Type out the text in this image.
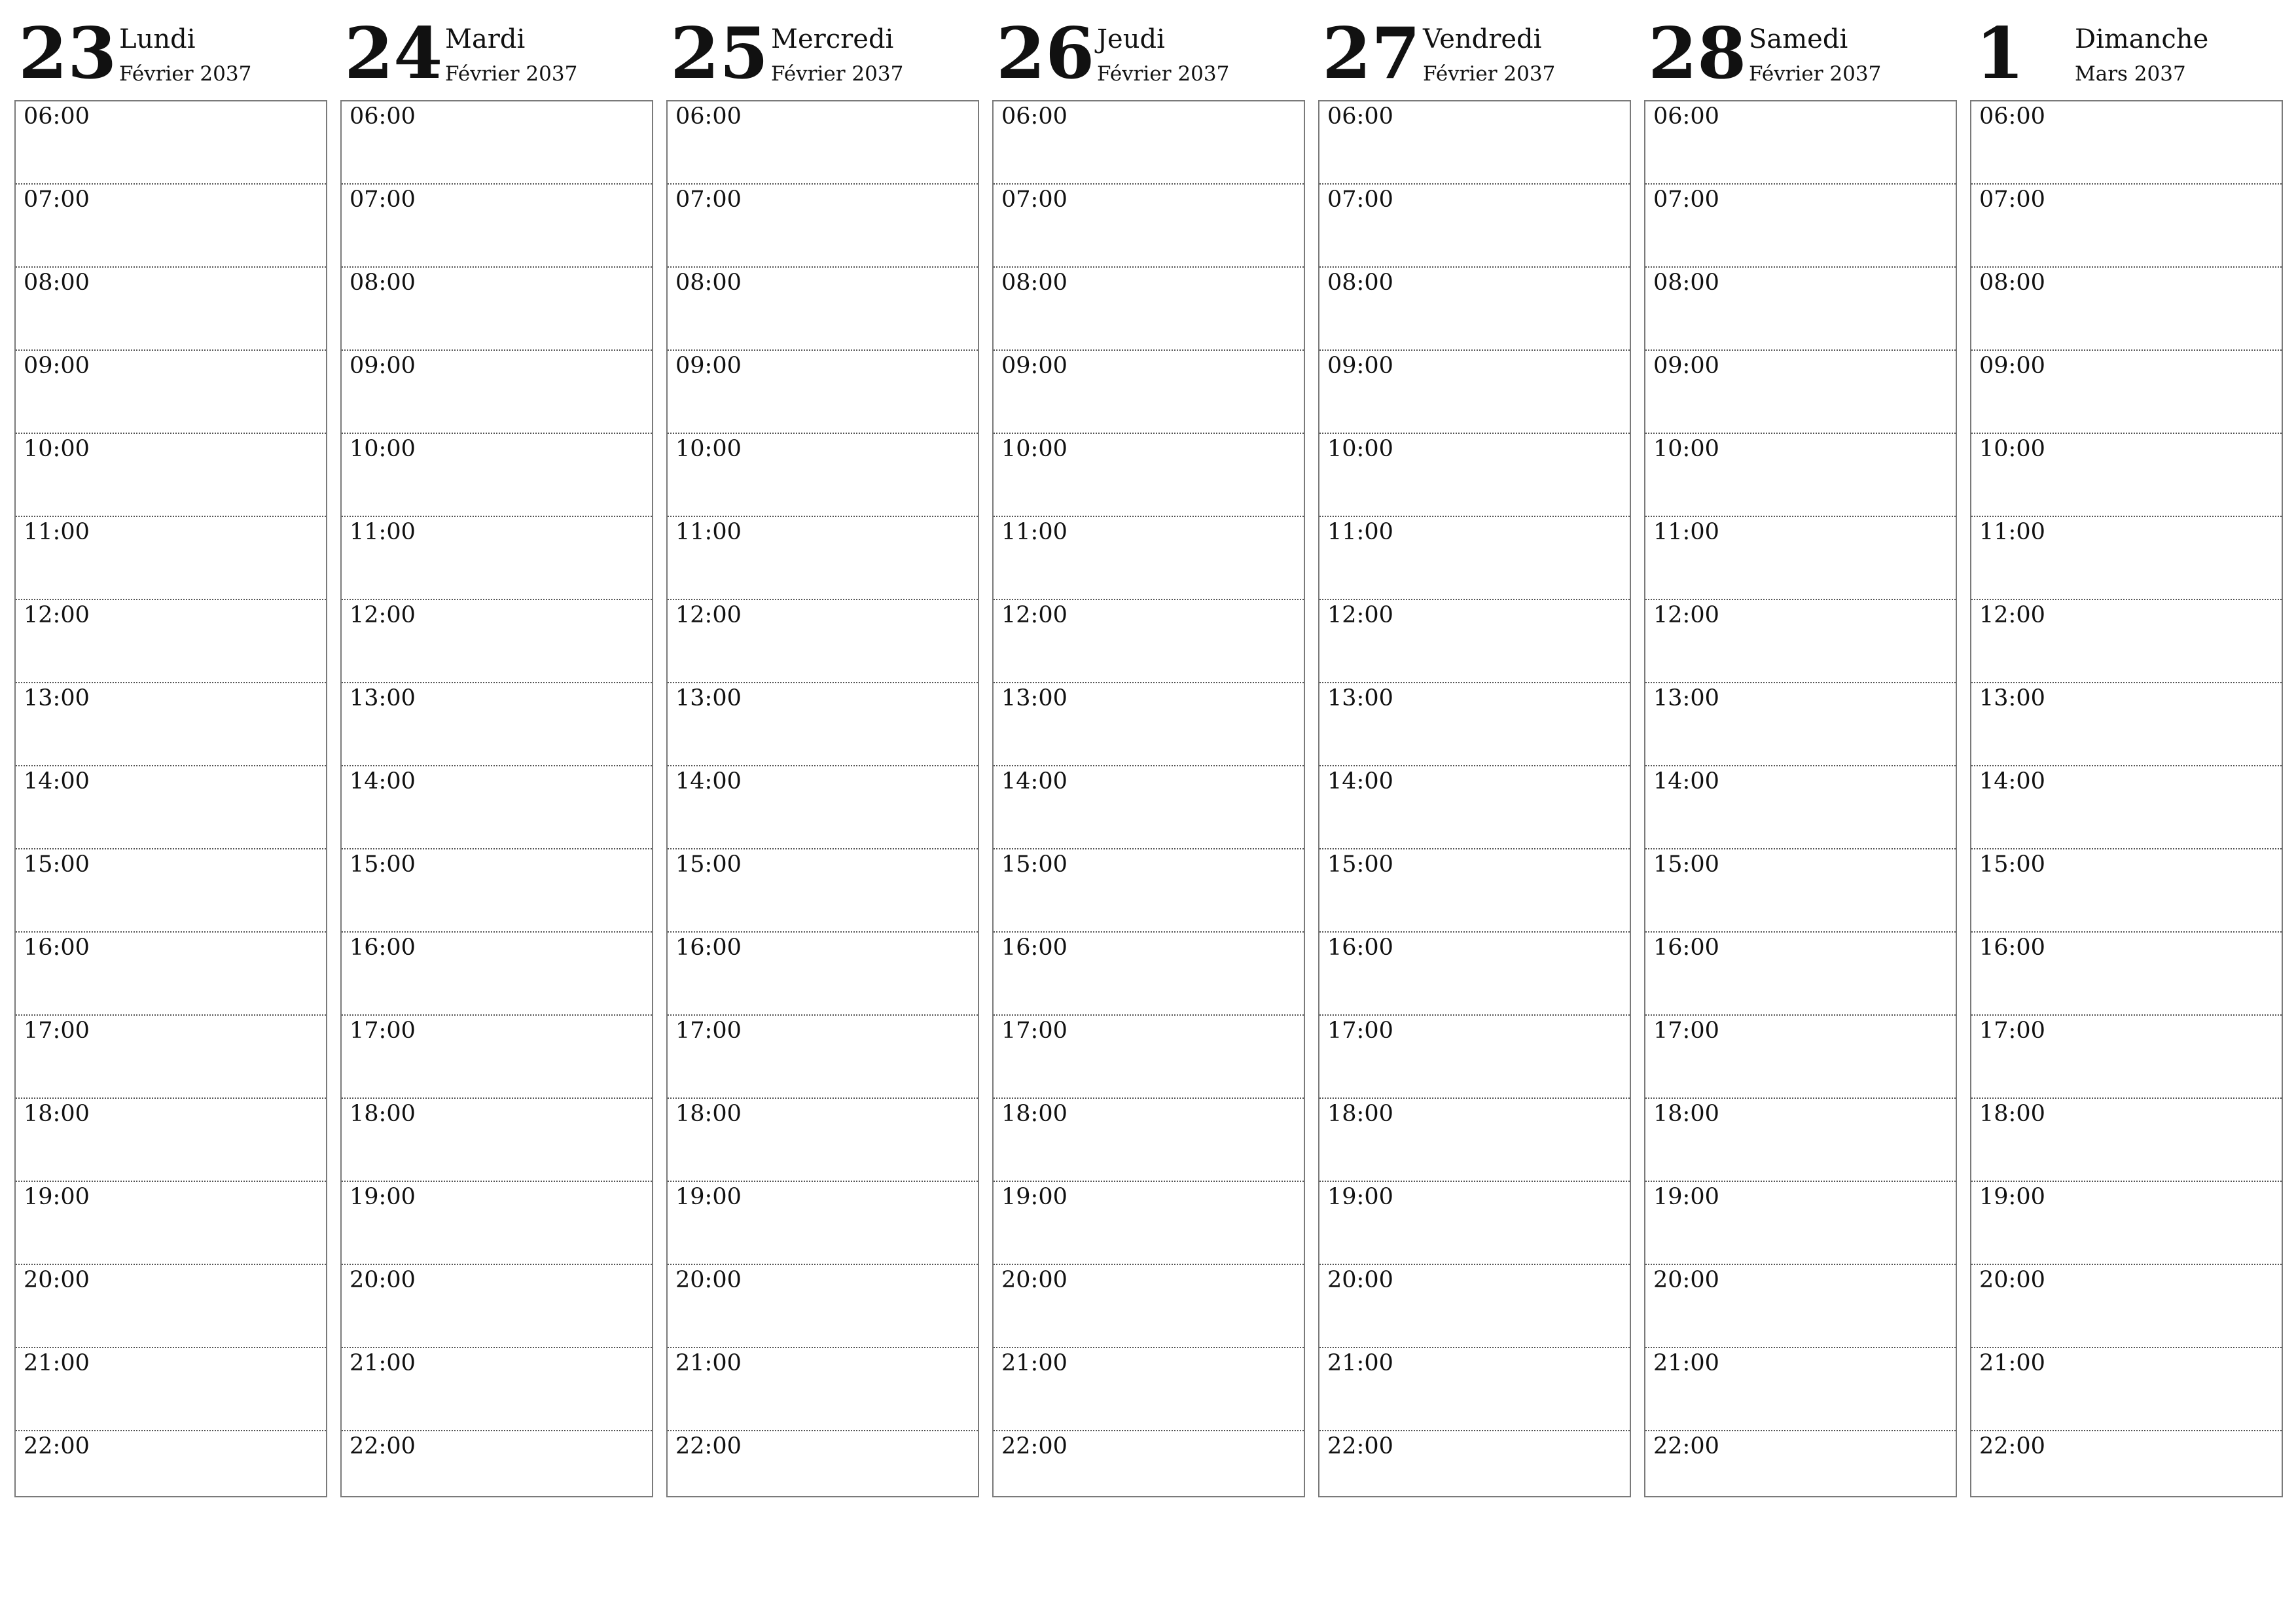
23 Lundi
Février 2037
06:00
07:00
08:00
09:00
10:00
11:00
12:00
13:00
14:00
15:00
16:00
17:00
18:00
19:00
20:00
21:00
22:00
24 Mardi
Février 2037
06:00
07:00
08:00
09:00
10:00
11:00
12:00
13:00
14:00
15:00
16:00
17:00
18:00
19:00
20:00
21:00
22:00
25 Mercredi
Février 2037
06:00
07:00
08:00
09:00
10:00
11:00
12:00
13:00
14:00
15:00
16:00
17:00
18:00
19:00
20:00
21:00
22:00
26 Jeudi
Février 2037
06:00
07:00
08:00
09:00
10:00
11:00
12:00
13:00
14:00
15:00
16:00
17:00
18:00
19:00
20:00
21:00
22:00
27 Vendredi
Février 2037
06:00
07:00
08:00
09:00
10:00
11:00
12:00
13:00
14:00
15:00
16:00
17:00
18:00
19:00
20:00
21:00
22:00
28 Samedi
Février 2037
06:00
07:00
08:00
09:00
10:00
11:00
12:00
13:00
14:00
15:00
16:00
17:00
18:00
19:00
20:00
21:00
22:00
1 Dimanche
Mars 2037
06:00
07:00
08:00
09:00
10:00
11:00
12:00
13:00
14:00
15:00
16:00
17:00
18:00
19:00
20:00
21:00
22:00
